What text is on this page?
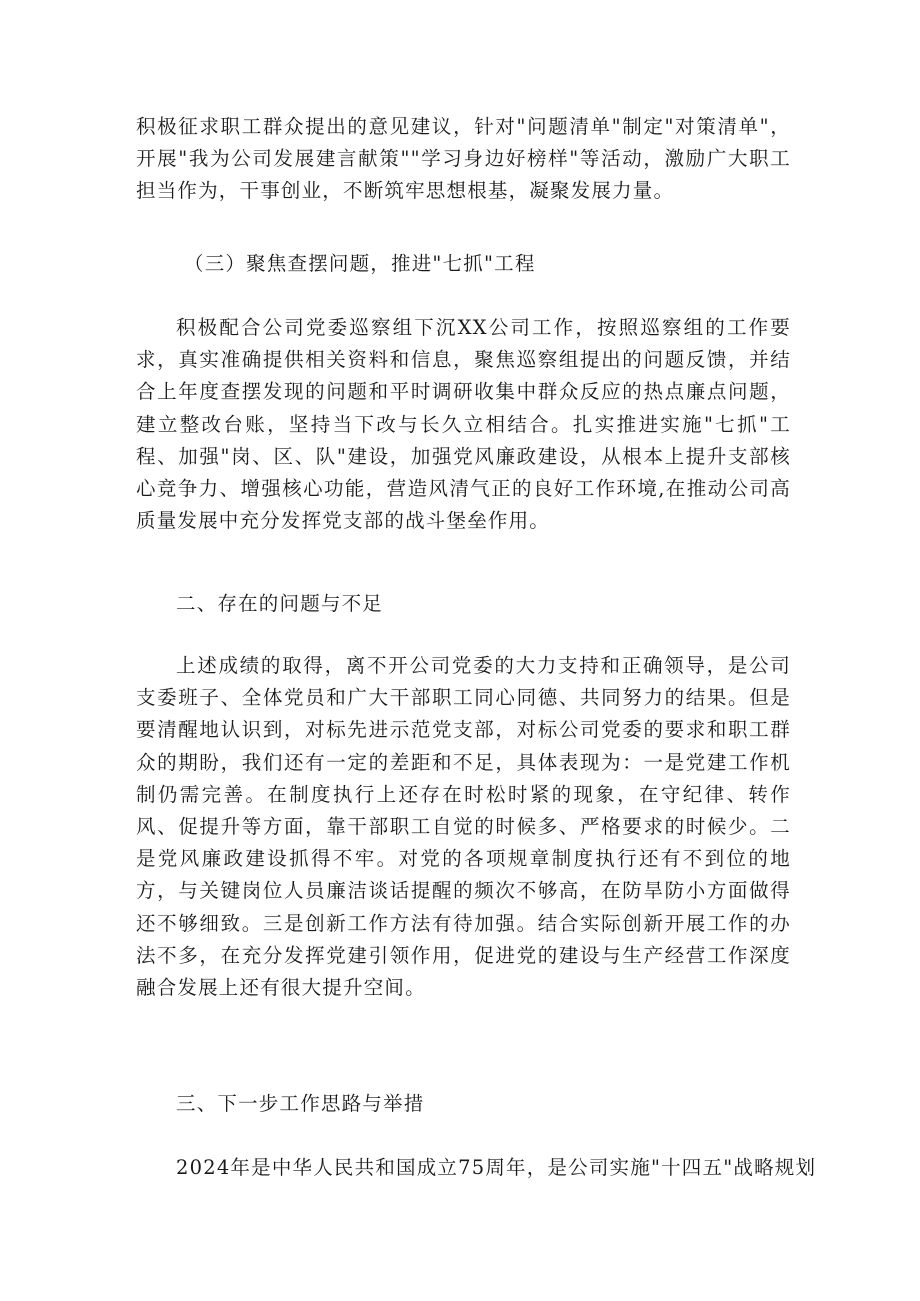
积极征求职工群众提出的意见建议，针对"问题清单"制定"对策清单"，开展"我为公司发展建言献策""学习身边好榜样"等活动，激励广大职工担当作为，干事创业，不断筑牢思想根基，凝聚发展力量。

（三）聚焦查摆问题，推进"七抓"工程

积极配合公司党委巡察组下沉XX公司工作，按照巡察组的工作要求，真实准确提供相关资料和信息，聚焦巡察组提出的问题反馈，并结合上年度查摆发现的问题和平时调研收集中群众反应的热点廉点问题，建立整改台账，坚持当下改与长久立相结合。扎实推进实施"七抓"工程、加强"岗、区、队"建设，加强党风廉政建设，从根本上提升支部核心竞争力、增强核心功能，营造风清气正的良好工作环境,在推动公司高质量发展中充分发挥党支部的战斗堡垒作用。

二、存在的问题与不足

上述成绩的取得，离不开公司党委的大力支持和正确领导，是公司支委班子、全体党员和广大干部职工同心同德、共同努力的结果。但是要清醒地认识到，对标先进示范党支部，对标公司党委的要求和职工群众的期盼，我们还有一定的差距和不足，具体表现为：一是党建工作机制仍需完善。在制度执行上还存在时松时紧的现象，在守纪律、转作风、促提升等方面，靠干部职工自觉的时候多、严格要求的时候少。二是党风廉政建设抓得不牢。对党的各项规章制度执行还有不到位的地方，与关键岗位人员廉洁谈话提醒的频次不够高，在防旱防小方面做得还不够细致。三是创新工作方法有待加强。结合实际创新开展工作的办法不多，在充分发挥党建引领作用，促进党的建设与生产经营工作深度融合发展上还有很大提升空间。

三、下一步工作思路与举措

2024年是中华人民共和国成立75周年，是公司实施"十四五"战略规划
